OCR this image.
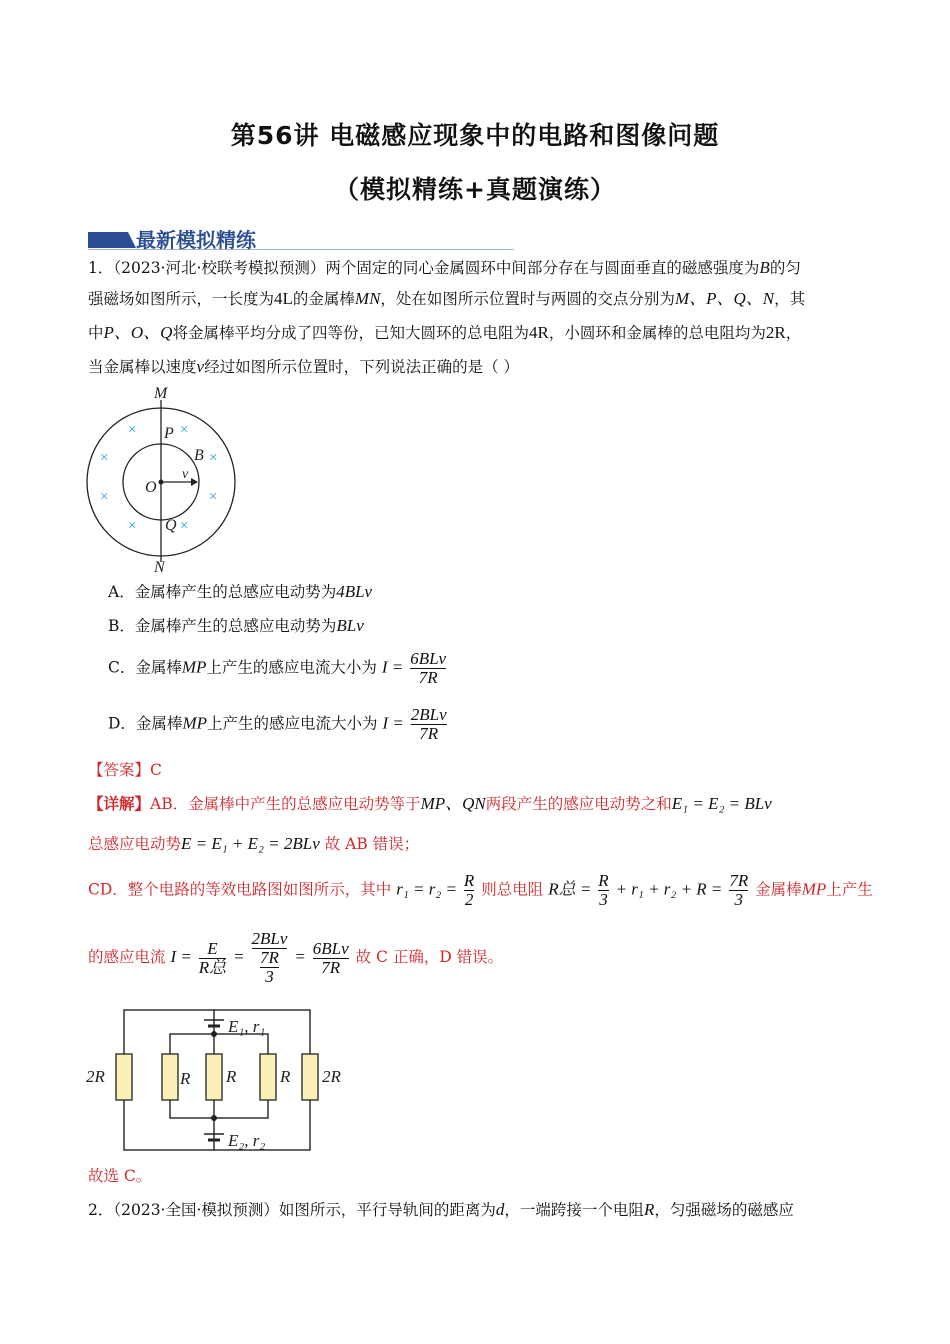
第56讲 电磁感应现象中的电路和图像问题
（模拟精练+真题演练）
最新模拟精练
1．（2023·河北·校联考模拟预测）两个固定的同心金属圆环中间部分存在与圆面垂直的磁感强度为B的匀
强磁场如图所示，一长度为4L的金属棒MN，处在如图所示位置时与两圆的交点分别为M、P、Q、N，其
中P、O、Q将金属棒平均分成了四等份，已知大圆环的总电阻为4R，小圆环和金属棒的总电阻均为2R，
当金属棒以速度v经过如图所示位置时，下列说法正确的是（ ）
×	×
×	×
×	×
×	×
M
P
B
v
O
Q
N
A．金属棒产生的总感应电动势为4BLv
B．金属棒产生的总感应电动势为BLv
C．金属棒MP上产生的感应电流大小为 $I = \frac{\text{6BLv}}{7R}$
D．金属棒MP上产生的感应电流大小为 $I = \frac{\text{2BLv}}{7R}$
【答案】C
【详解】AB．金属棒中产生的总感应电动势等于MP、QN两段产生的感应电动势之和E₁ = E₂ = BLv
总感应电动势E = E₁ + E₂ = 2BLv 故 AB 错误；
CD．整个电路的等效电路图如图所示，其中 $r_1 = r_2 = \frac{R}{2}$ 则总电阻 R总 = $\frac{R}{3} + r_1 + r_2 + R = \frac{7R}{3}$ 金属棒MP上产生
的感应电流 $I = \frac{E}{\text{R总}} = \frac{\text{2BLv}}{\frac{7R}{3}} = \frac{\text{6BLv}}{7R}$ 故 C 正确，D 错误。
2R	R R	R 2R
E₁, r₁
E₂, r₂
故选 C。
2．（2023·全国·模拟预测）如图所示，平行导轨间的距离为d，一端跨接一个电阻R，匀强磁场的磁感应
